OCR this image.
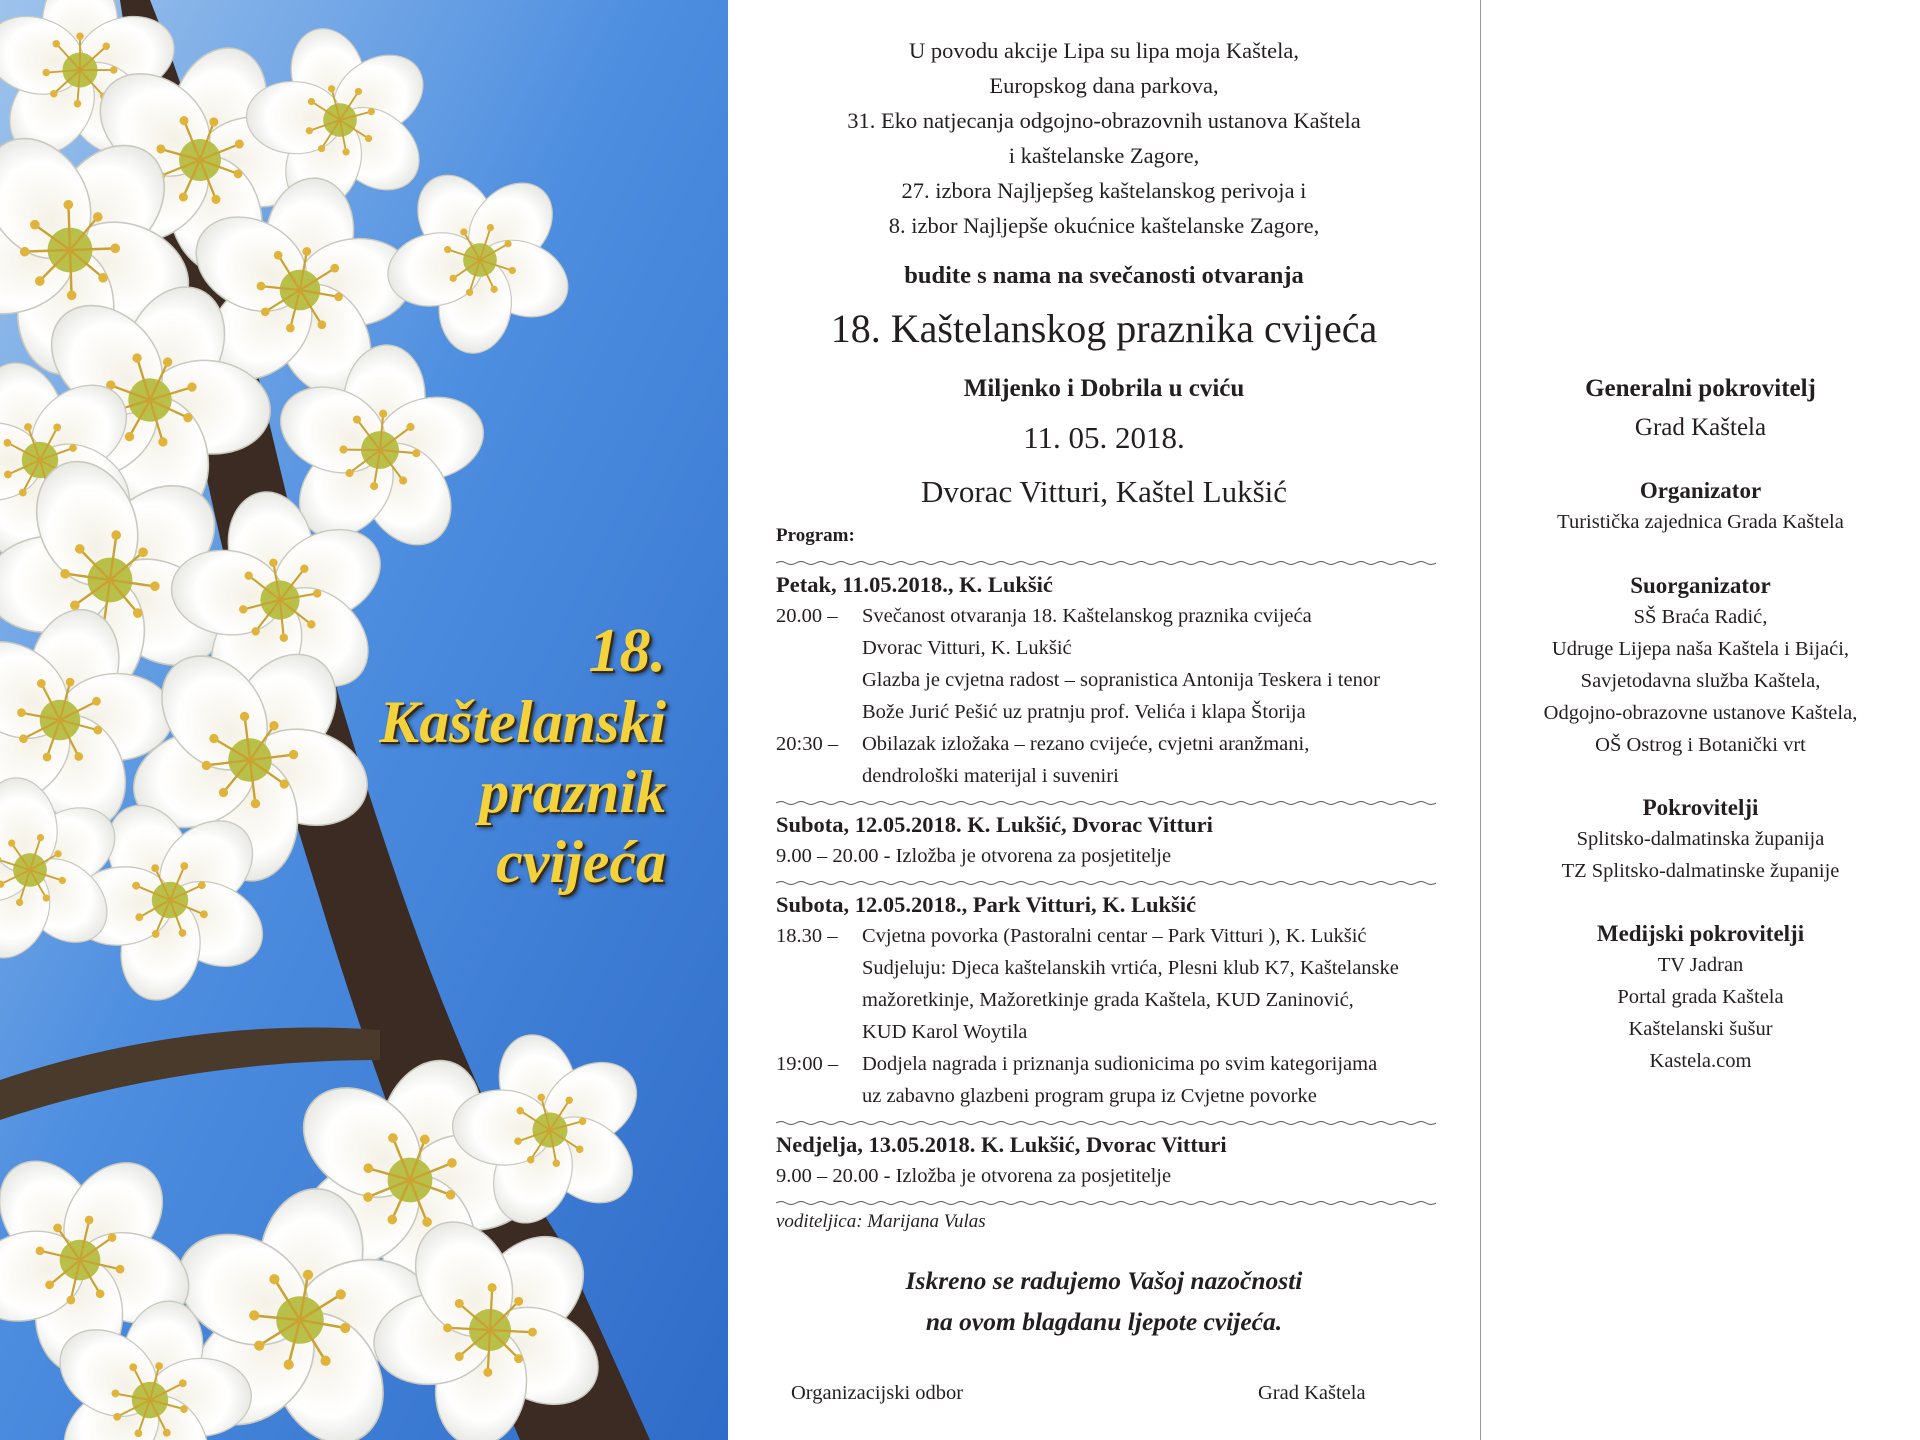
18.
Kaštelanski
praznik
cvijeća
U povodu akcije Lipa su lipa moja Kaštela,
Europskog dana parkova,
31. Eko natjecanja odgojno-obrazovnih ustanova Kaštela
i kaštelanske Zagore,
27. izbora Najljepšeg kaštelanskog perivoja i
8. izbor Najljepše okućnice kaštelanske Zagore,
budite s nama na svečanosti otvaranja
18. Kaštelanskog praznika cvijeća
Miljenko i Dobrila u cviću
11. 05. 2018.
Dvorac Vitturi, Kaštel Lukšić
Program:
Petak, 11.05.2018., K. Lukšić
20.00 – Svečanost otvaranja 18. Kaštelanskog praznika cvijeća
Dvorac Vitturi, K. Lukšić
Glazba je cvjetna radost – sopranistica Antonija Teskera i tenor
Bože Jurić Pešić uz pratnju prof. Velića i klapa Štorija
20:30 – Obilazak izložaka – rezano cvijeće, cvjetni aranžmani,
dendrološki materijal i suveniri
Subota, 12.05.2018. K. Lukšić, Dvorac Vitturi
9.00 – 20.00 - Izložba je otvorena za posjetitelje
Subota, 12.05.2018., Park Vitturi, K. Lukšić
18.30 – Cvjetna povorka (Pastoralni centar – Park Vitturi ), K. Lukšić
Sudjeluju: Djeca kaštelanskih vrtića, Plesni klub K7, Kaštelanske
mažoretkinje, Mažoretkinje grada Kaštela, KUD Zaninović,
KUD Karol Woytila
19:00 – Dodjela nagrada i priznanja sudionicima po svim kategorijama
uz zabavno glazbeni program grupa iz Cvjetne povorke
Nedjelja, 13.05.2018. K. Lukšić, Dvorac Vitturi
9.00 – 20.00 - Izložba je otvorena za posjetitelje
voditeljica: Marijana Vulas
Iskreno se radujemo Vašoj nazočnosti
na ovom blagdanu ljepote cvijeća.
Organizacijski odbor	Grad Kaštela
Generalni pokrovitelj
Grad Kaštela
Organizator
Turistička zajednica Grada Kaštela
Suorganizator
SŠ Braća Radić,
Udruge Lijepa naša Kaštela i Bijaći,
Savjetodavna služba Kaštela,
Odgojno-obrazovne ustanove Kaštela,
OŠ Ostrog i Botanički vrt
Pokrovitelji
Splitsko-dalmatinska županija
TZ Splitsko-dalmatinske županije
Medijski pokrovitelji
TV Jadran
Portal grada Kaštela
Kaštelanski šušur
Kastela.com
